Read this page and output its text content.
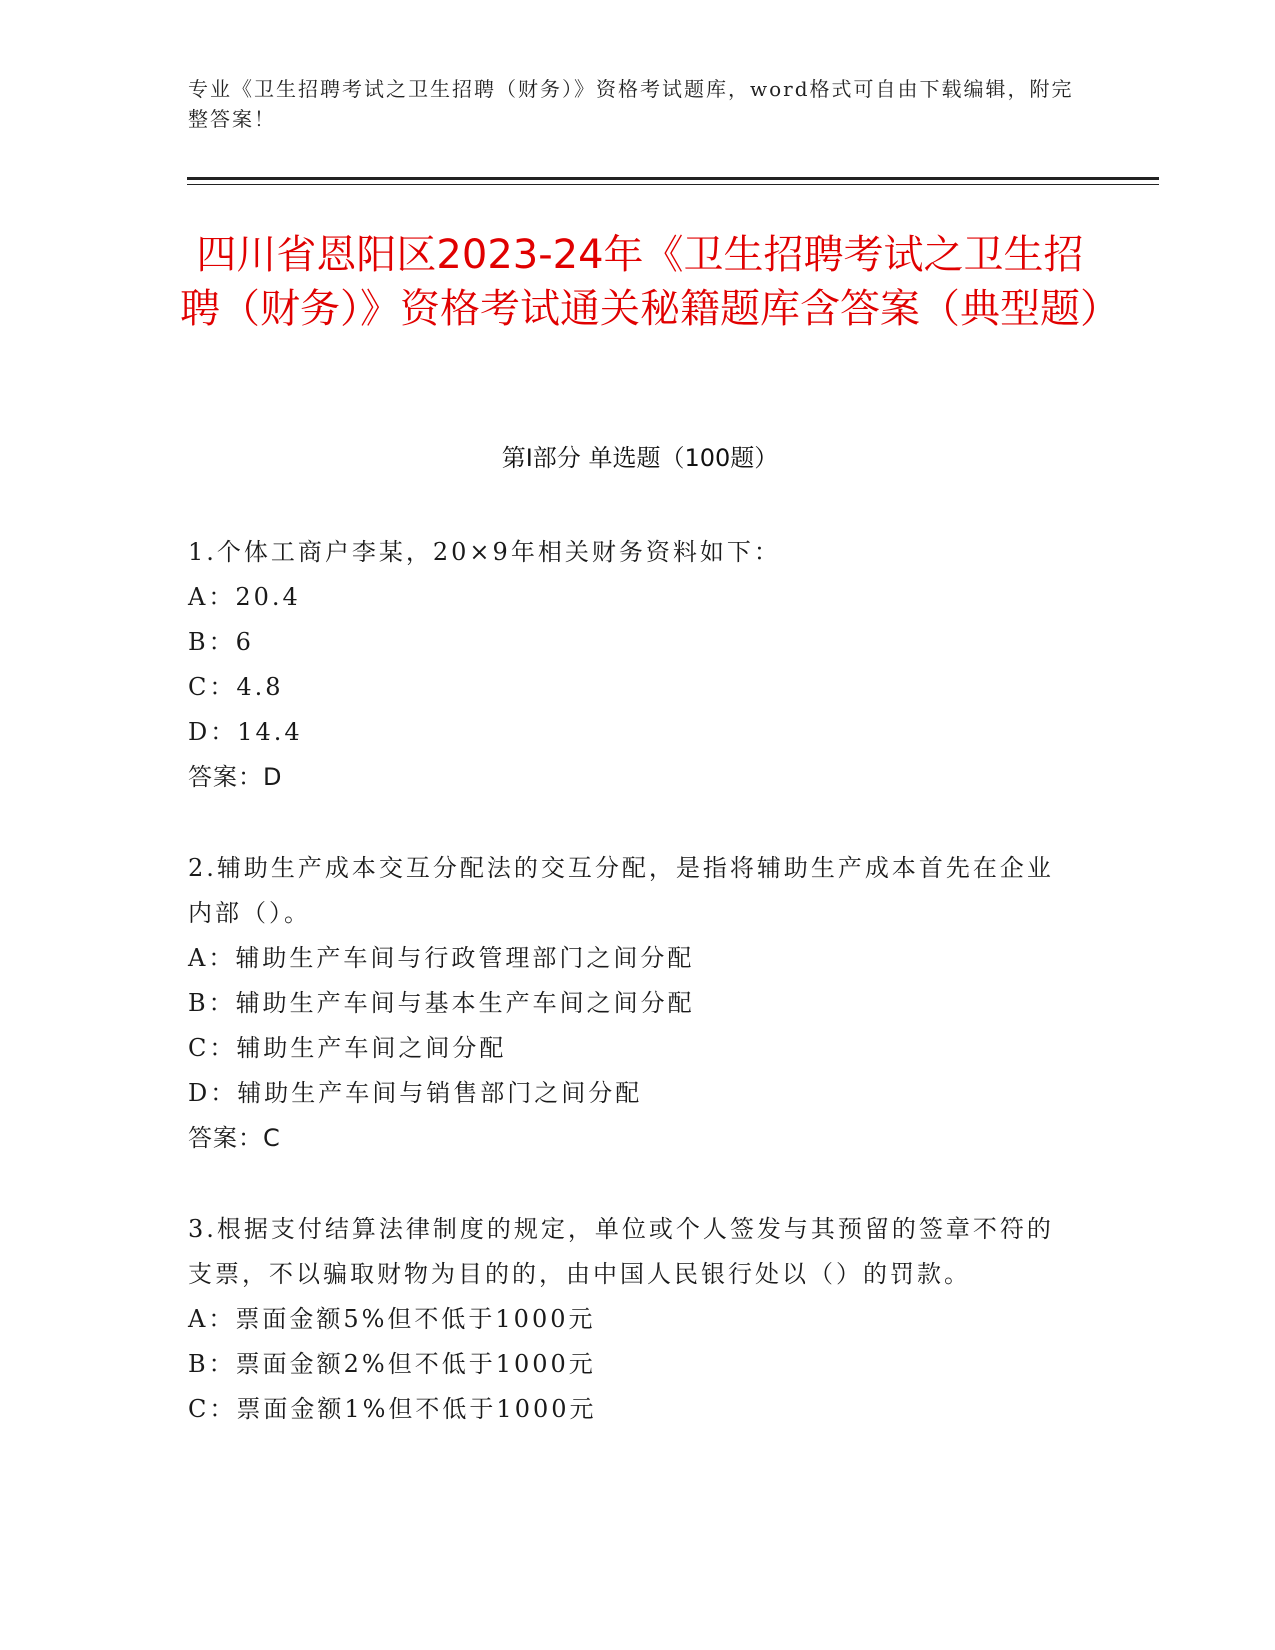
专业《卫生招聘考试之卫生招聘（财务）》资格考试题库，word格式可自由下载编辑，附完整答案！
四川省恩阳区2023-24年《卫生招聘考试之卫生招聘（财务）》资格考试通关秘籍题库含答案（典型题）
第Ⅰ部分 单选题（100题）

1.个体工商户李某，20×9年相关财务资料如下：

A：20.4

B：6

C：4.8

D：14.4

答案：D

2.辅助生产成本交互分配法的交互分配，是指将辅助生产成本首先在企业内部（）。

A：辅助生产车间与行政管理部门之间分配

B：辅助生产车间与基本生产车间之间分配

C：辅助生产车间之间分配

D：辅助生产车间与销售部门之间分配

答案：C

3.根据支付结算法律制度的规定，单位或个人签发与其预留的签章不符的支票，不以骗取财物为目的的，由中国人民银行处以（）的罚款。

A：票面金额5%但不低于1000元

B：票面金额2%但不低于1000元

C：票面金额1%但不低于1000元
